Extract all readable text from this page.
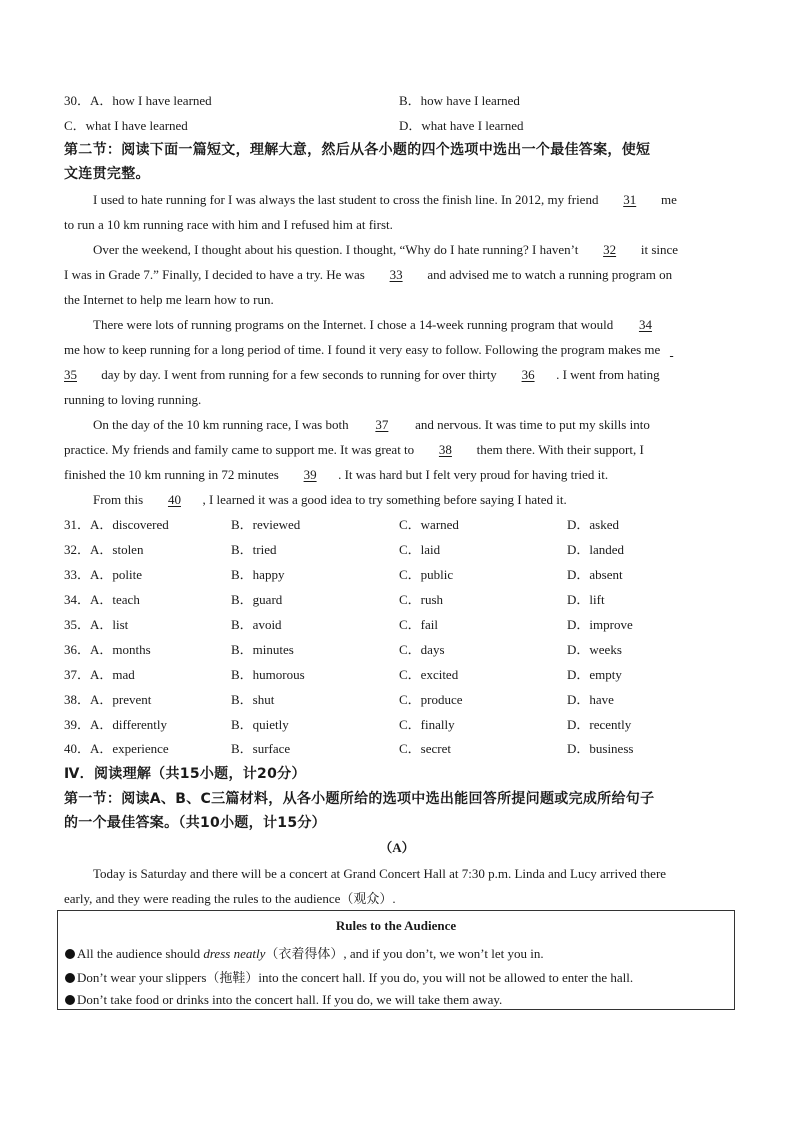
30．A．how I have learned	B．how have I learned
C．what I have learned	D．what have I learned
第二节：阅读下面一篇短文，理解大意，然后从各小题的四个选项中选出一个最佳答案，使短
文连贯完整。
I used to hate running for I was always the last student to cross the finish line. In 2012, my friend 31 me
to run a 10 km running race with him and I refused him at first.
Over the weekend, I thought about his question. I thought, “Why do I hate running? I haven’t 32 it since
I was in Grade 7.” Finally, I decided to have a try. He was 33 and advised me to watch a running program on
the Internet to help me learn how to run.
There were lots of running programs on the Internet. I chose a 14-week running program that would 34
me how to keep running for a long period of time. I found it very easy to follow. Following the program makes me
35 day by day. I went from running for a few seconds to running for over thirty 36 . I went from hating
running to loving running.
On the day of the 10 km running race, I was both 37 and nervous. It was time to put my skills into
practice. My friends and family came to support me. It was great to 38 them there. With their support, I
finished the 10 km running in 72 minutes 39 . It was hard but I felt very proud for having tried it.
From this 40 , I learned it was a good idea to try something before saying I hated it.
31．A．discovered	B．reviewed	C．warned	D．asked
32．A．stolen	B．tried	C．laid	D．landed
33．A．polite	B．happy	C．public	D．absent
34．A．teach	B．guard	C．rush	D．lift
35．A．list	B．avoid	C．fail	D．improve
36．A．months	B．minutes	C．days	D．weeks
37．A．mad	B．humorous	C．excited	D．empty
38．A．prevent	B．shut	C．produce	D．have
39．A．differently	B．quietly	C．finally	D．recently
40．A．experience	B．surface	C．secret	D．business
Ⅳ．阅读理解（共15小题，计20分）
第一节：阅读A、B、C三篇材料，从各小题所给的选项中选出能回答所提问题或完成所给句子
的一个最佳答案。（共10小题，计15分）
（A）
Today is Saturday and there will be a concert at Grand Concert Hall at 7:30 p.m. Linda and Lucy arrived there
early, and they were reading the rules to the audience（观众）.
Rules to the Audience
All the audience should dress neatly（衣着得体）, and if you don’t, we won’t let you in.
Don’t wear your slippers（拖鞋）into the concert hall. If you do, you will not be allowed to enter the hall.
Don’t take food or drinks into the concert hall. If you do, we will take them away.
